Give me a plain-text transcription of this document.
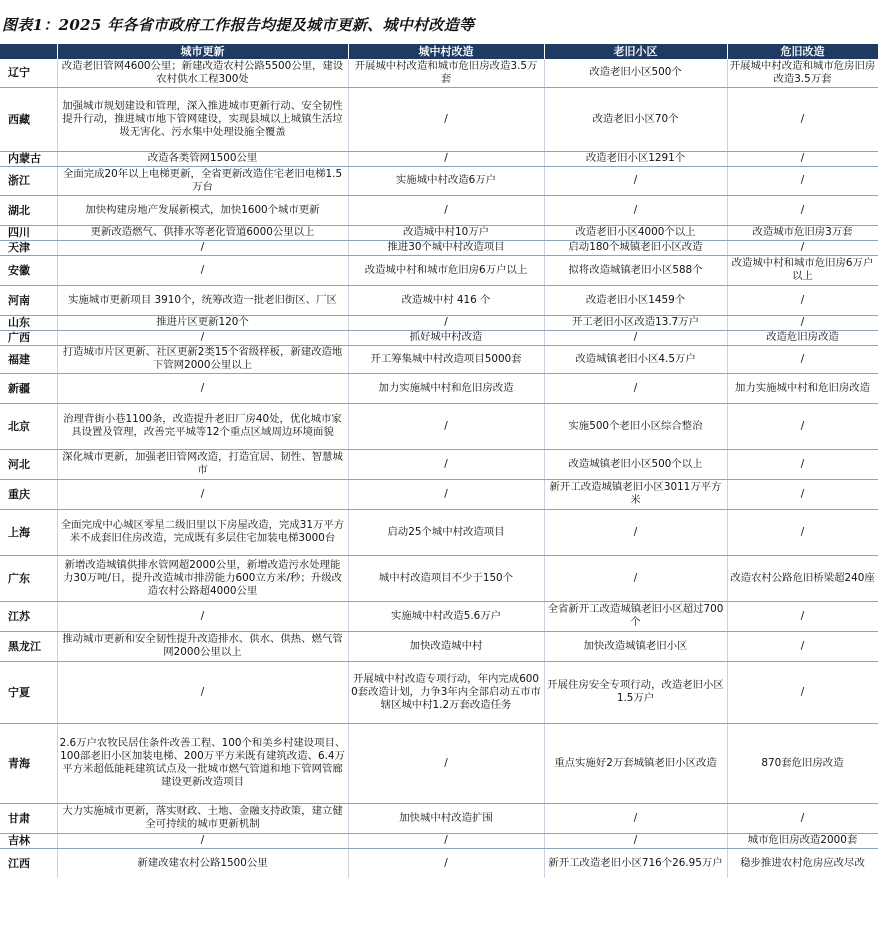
图表1：2025 年各省市政府工作报告均提及城市更新、城中村改造等
	城市更新	城中村改造	老旧小区	危旧改造
辽宁	改造老旧管网4600公里；新建改造农村公路5500公里，建设农村供水工程300处	开展城中村改造和城市危旧房改造3.5万套	改造老旧小区500个	开展城中村改造和城市危房旧房改造3.5万套
西藏	加强城市规划建设和管理，深入推进城市更新行动、安全韧性提升行动，推进城市地下管网建设，实现县城以上城镇生活垃圾无害化、污水集中处理设施全覆盖	/	改造老旧小区70个	/
内蒙古	改造各类管网1500公里	/	改造老旧小区1291个	/
浙江	全面完成20年以上电梯更新，全省更新改造住宅老旧电梯1.5万台	实施城中村改造6万户	/	/
湖北	加快构建房地产发展新模式，加快1600个城市更新	/	/	/
四川	更新改造燃气、供排水等老化管道6000公里以上	改造城中村10万户	改造老旧小区4000个以上	改造城市危旧房3万套
天津	/	推进30个城中村改造项目	启动180个城镇老旧小区改造	/
安徽	/	改造城中村和城市危旧房6万户以上	拟将改造城镇老旧小区588个	改造城中村和城市危旧房6万户以上
河南	实施城市更新项目 3910个，统筹改造一批老旧街区、厂区	改造城中村 416 个	改造老旧小区1459个	/
山东	推进片区更新120个	/	开工老旧小区改造13.7万户	/
广西	/	抓好城中村改造	/	改造危旧房改造
福建	打造城市片区更新、社区更新2类15个省级样板，新建改造地下管网2000公里以上	开工筹集城中村改造项目5000套	改造城镇老旧小区4.5万户	/
新疆	/	加力实施城中村和危旧房改造	/	加力实施城中村和危旧房改造
北京	治理背街小巷1100条，改造提升老旧厂房40处，优化城市家具设置及管理，改善完平城等12个重点区域周边环境面貌	/	实施500个老旧小区综合整治	/
河北	深化城市更新，加强老旧管网改造，打造宜居、韧性、智慧城市	/	改造城镇老旧小区500个以上	/
重庆	/	/	新开工改造城镇老旧小区3011万平方米	/
上海	全面完成中心城区零星二级旧里以下房屋改造，完成31万平方米不成套旧住房改造，完成既有多层住宅加装电梯3000台	启动25个城中村改造项目	/	/
广东	新增改造城镇供排水管网超2000公里，新增改造污水处理能力30万吨/日，提升改造城市排涝能力600立方米/秒；升级改造农村公路超4000公里	城中村改造项目不少于150个	/	改造农村公路危旧桥梁超240座
江苏	/	实施城中村改造5.6万户	全省新开工改造城镇老旧小区超过700个	/
黑龙江	推动城市更新和安全韧性提升改造排水、供水、供热、燃气管网2000公里以上	加快改造城中村	加快改造城镇老旧小区	/
宁夏	/	开展城中村改造专项行动，年内完成6000套改造计划，力争3年内全部启动五市市辖区城中村1.2万套改造任务	开展住房安全专项行动，改造老旧小区1.5万户	/
青海	2.6万户农牧民居住条件改善工程、100个和美乡村建设项目、100部老旧小区加装电梯、200万平方米既有建筑改造、6.4万平方米超低能耗建筑试点及一批城市燃气管道和地下管网管廊建设更新改造项目	/	重点实施好2万套城镇老旧小区改造	870套危旧房改造
甘肃	大力实施城市更新，落实财政、土地、金融支持政策，建立健全可持续的城市更新机制	加快城中村改造扩围	/	/
吉林	/	/	/	城市危旧房改造2000套
江西	新建改建农村公路1500公里	/	新开工改造老旧小区716个26.95万户	稳步推进农村危房应改尽改
